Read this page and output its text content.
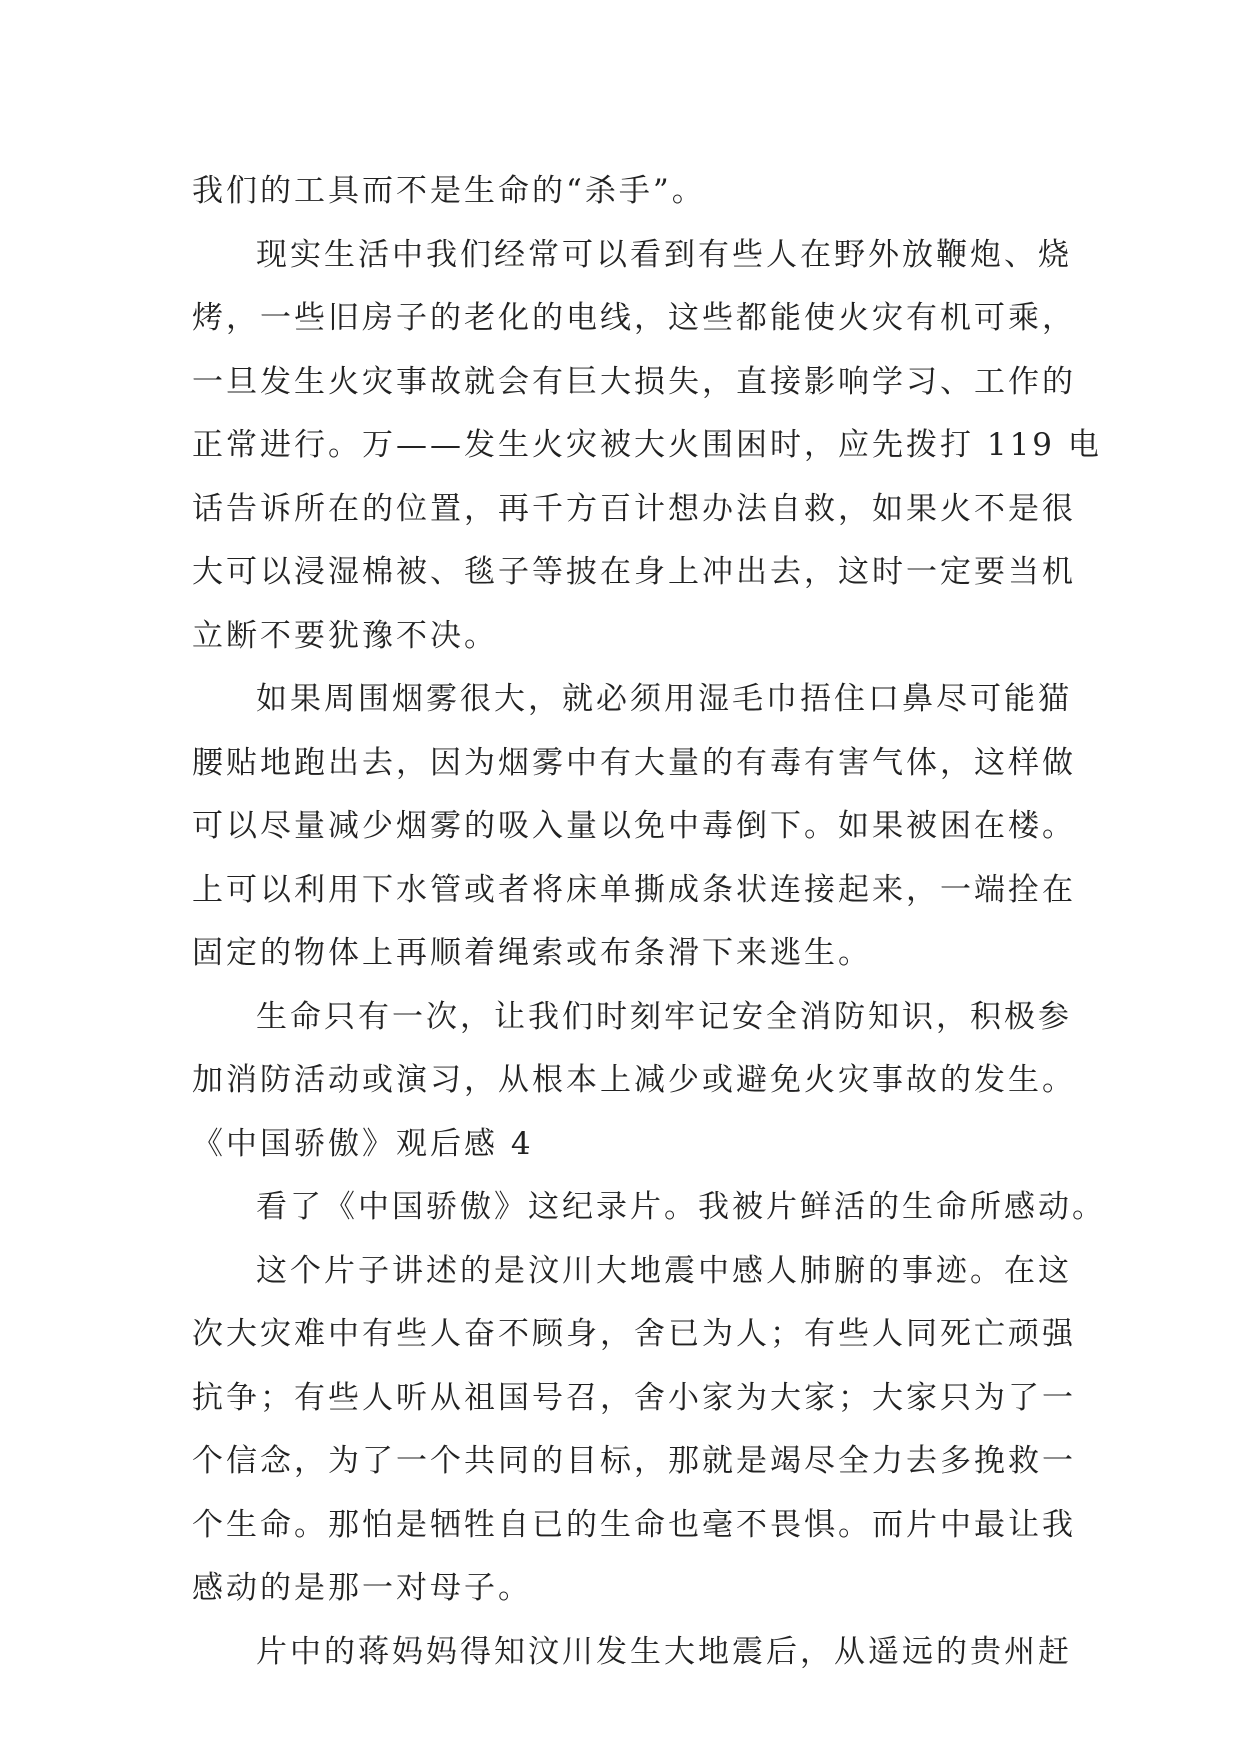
我们的工具而不是生命的“杀手”。
现实生活中我们经常可以看到有些人在野外放鞭炮、烧
烤，一些旧房子的老化的电线，这些都能使火灾有机可乘，
一旦发生火灾事故就会有巨大损失，直接影响学习、工作的
正常进行。万——发生火灾被大火围困时，应先拨打 119 电
话告诉所在的位置，再千方百计想办法自救，如果火不是很
大可以浸湿棉被、毯子等披在身上冲出去，这时一定要当机
立断不要犹豫不决。
如果周围烟雾很大，就必须用湿毛巾捂住口鼻尽可能猫
腰贴地跑出去，因为烟雾中有大量的有毒有害气体，这样做
可以尽量减少烟雾的吸入量以免中毒倒下。如果被困在楼。
上可以利用下水管或者将床单撕成条状连接起来，一端拴在
固定的物体上再顺着绳索或布条滑下来逃生。
生命只有一次，让我们时刻牢记安全消防知识，积极参
加消防活动或演习，从根本上减少或避免火灾事故的发生。
《中国骄傲》观后感 4
看了《中国骄傲》这纪录片。我被片鲜活的生命所感动。
这个片子讲述的是汶川大地震中感人肺腑的事迹。在这
次大灾难中有些人奋不顾身，舍已为人；有些人同死亡顽强
抗争；有些人听从祖国号召，舍小家为大家；大家只为了一
个信念，为了一个共同的目标，那就是竭尽全力去多挽救一
个生命。那怕是牺牲自已的生命也毫不畏惧。而片中最让我
感动的是那一对母子。
片中的蒋妈妈得知汶川发生大地震后，从遥远的贵州赶
